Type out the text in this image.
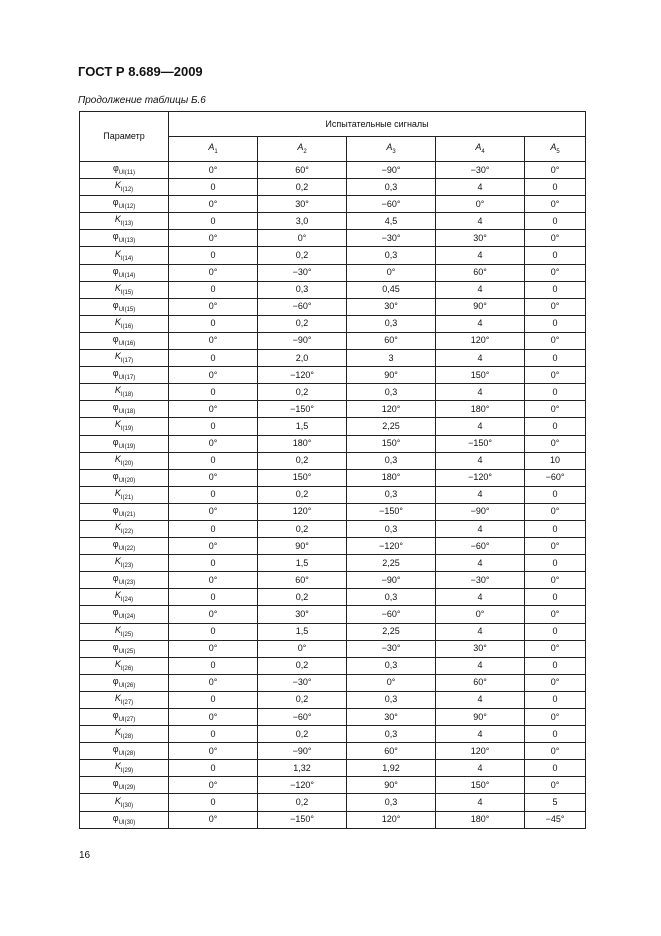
ГОСТ Р 8.689—2009
Продолжение таблицы Б.6
Параметр	Испытательные сигналы				
	$A_1$	$A_2$	$A_3$	$A_4$	$A_5$
$\varphi_{UI(11)}$	0°	60°	−90°	−30°	0°
$K_{I(12)}$	0	0,2	0,3	4	0
$\varphi_{UI(12)}$	0°	30°	−60°	0°	0°
$K_{I(13)}$	0	3,0	4,5	4	0
$\varphi_{UI(13)}$	0°	0°	−30°	30°	0°
$K_{I(14)}$	0	0,2	0,3	4	0
$\varphi_{UI(14)}$	0°	−30°	0°	60°	0°
$K_{I(15)}$	0	0,3	0,45	4	0
$\varphi_{UI(15)}$	0°	−60°	30°	90°	0°
$K_{I(16)}$	0	0,2	0,3	4	0
$\varphi_{UI(16)}$	0°	−90°	60°	120°	0°
$K_{I(17)}$	0	2,0	3	4	0
$\varphi_{UI(17)}$	0°	−120°	90°	150°	0°
$K_{I(18)}$	0	0,2	0,3	4	0
$\varphi_{UI(18)}$	0°	−150°	120°	180°	0°
$K_{I(19)}$	0	1,5	2,25	4	0
$\varphi_{UI(19)}$	0°	180°	150°	−150°	0°
$K_{I(20)}$	0	0,2	0,3	4	10
$\varphi_{UI(20)}$	0°	150°	180°	−120°	−60°
$K_{I(21)}$	0	0,2	0,3	4	0
$\varphi_{UI(21)}$	0°	120°	−150°	−90°	0°
$K_{I(22)}$	0	0,2	0,3	4	0
$\varphi_{UI(22)}$	0°	90°	−120°	−60°	0°
$K_{I(23)}$	0	1,5	2,25	4	0
$\varphi_{UI(23)}$	0°	60°	−90°	−30°	0°
$K_{I(24)}$	0	0,2	0,3	4	0
$\varphi_{UI(24)}$	0°	30°	−60°	0°	0°
$K_{I(25)}$	0	1,5	2,25	4	0
$\varphi_{UI(25)}$	0°	0°	−30°	30°	0°
$K_{I(26)}$	0	0,2	0,3	4	0
$\varphi_{UI(26)}$	0°	−30°	0°	60°	0°
$K_{I(27)}$	0	0,2	0,3	4	0
$\varphi_{UI(27)}$	0°	−60°	30°	90°	0°
$K_{I(28)}$	0	0,2	0,3	4	0
$\varphi_{UI(28)}$	0°	−90°	60°	120°	0°
$K_{I(29)}$	0	1,32	1,92	4	0
$\varphi_{UI(29)}$	0°	−120°	90°	150°	0°
$K_{I(30)}$	0	0,2	0,3	4	5
$\varphi_{UI(30)}$	0°	−150°	120°	180°	−45°
16
